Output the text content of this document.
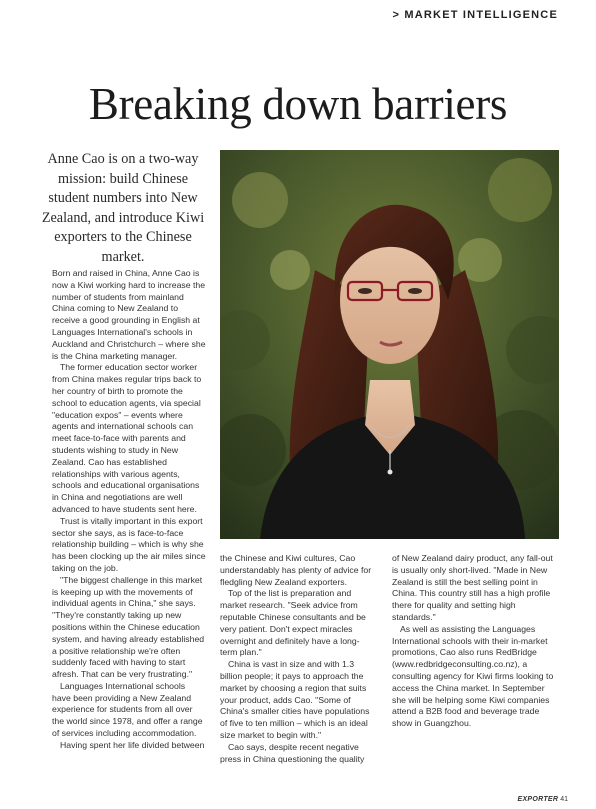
> MARKET INTELLIGENCE
Breaking down barriers

Anne Cao is on a two-way mission: build Chinese student numbers into New Zealand, and introduce Kiwi exporters to the Chinese market.

Born and raised in China, Anne Cao is now a Kiwi working hard to increase the number of students from mainland China coming to New Zealand to receive a good grounding in English at Languages International's schools in Auckland and Christchurch – where she is the China marketing manager.

The former education sector worker from China makes regular trips back to her country of birth to promote the school to education agents, via special "education expos" – events where agents and international schools can meet face-to-face with parents and students wishing to study in New Zealand. Cao has established relationships with various agents, schools and educational organisations in China and negotiations are well advanced to have students sent here.

Trust is vitally important in this export sector she says, as is face-to-face relationship building – which is why she has been clocking up the air miles since taking on the job.

"The biggest challenge in this market is keeping up with the movements of individual agents in China," she says. "They're constantly taking up new positions within the Chinese education system, and having already established a positive relationship we're often suddenly faced with having to start afresh. That can be very frustrating."

Languages International schools have been providing a New Zealand experience for students from all over the world since 1978, and offer a range of services including accommodation.

Having spent her life divided between

the Chinese and Kiwi cultures, Cao understandably has plenty of advice for fledgling New Zealand exporters.

Top of the list is preparation and market research. "Seek advice from reputable Chinese consultants and be very patient. Don't expect miracles overnight and definitely have a long-term plan."

China is vast in size and with 1.3 billion people; it pays to approach the market by choosing a region that suits your product, adds Cao. "Some of China's smaller cities have populations of five to ten million – which is an ideal size market to begin with."

Cao says, despite recent negative press in China questioning the quality

of New Zealand dairy product, any fall-out is usually only short-lived. "Made in New Zealand is still the best selling point in China. This country still has a high profile there for quality and setting high standards."

As well as assisting the Languages International schools with their in-market promotions, Cao also runs RedBridge (www.redbridgeconsulting.co.nz), a consulting agency for Kiwi firms looking to access the China market. In September she will be helping some Kiwi companies attend a B2B food and beverage trade show in Guangzhou.

EXPORTER 41
